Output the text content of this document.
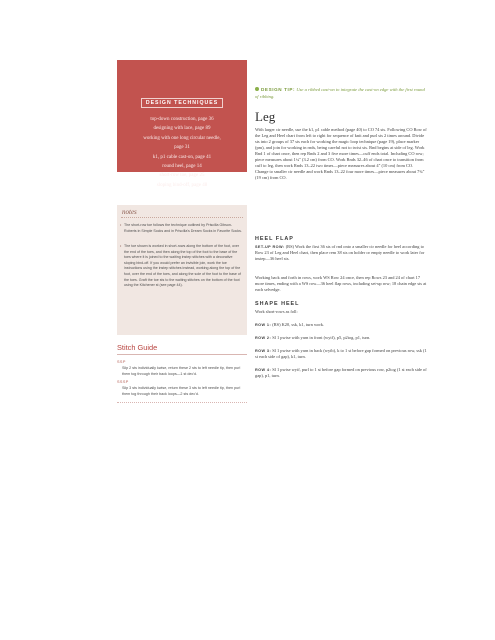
DESIGN TECHNIQUES
top-down construction, page 36
designing with lace, page 89
working with one long circular needle,
page 31
k1, p1 cable cast-on, page 41
round heel, page 14
short-row toe, page 25
sloping bind-off, page 48
notes
• The short-row toe follows the technique outlined by Priscilla Gibson-Roberts in Simple Socks and in Priscilla's Dream Socks in Favorite Socks.
• The toe shown is worked in short-rows along the bottom of the foot, over the end of the toes, and then along the top of the foot to the base of the toes where it is joined to the waiting instep stitches with a decorative sloping bind-off. If you would prefer an invisible join, work the toe instructions using the instep stitches instead, working along the top of the foot, over the end of the toes, and along the sole of the foot to the base of the toes. Graft the toe sts to the waiting stitches on the bottom of the foot using the Kitchener st (see page 44).
Stitch Guide
SSP
Slip 2 sts individually kwise, return these 2 sts to left needle tip, then purl them tog through their back loops—1 st dec'd.
SSSP
Slip 3 sts individually kwise, return these 3 sts to left needle tip, then purl them tog through their back loops—2 sts dec'd.
DESIGN TIP: Use a ribbed cast-on to integrate the cast-on edge with the first round of ribbing.
Leg
With larger cir needle, use the k1, p1 cable method (page 40) to CO 74 sts. Following CO Row of the Leg and Heel chart from left to right for sequence of knit and purl sts 2 times around. Divide sts into 2 groups of 37 sts each for working the magic loop technique (page 19), place marker (pm), and join for working in rnds, being careful not to twist sts. Rnd begins at side of leg. Work Rnd 1 of chart once, then rep Rnds 2 and 3 five more times—cuff ends total. Including CO row; piece measures about 1¼" (3.2 cm) from CO. Work Rnds 32–46 of chart once to transition from cuff to leg, then work Rnds 13–22 two times—piece measures about 4" (10 cm) from CO. Change to smaller cir needle and work Rnds 13–22 four more times—piece measures about 7¾" (19 cm) from CO.
HEEL FLAP
SET-UP ROW: (RS) Work the first 36 sts of rnd onto a smaller cir needle for heel according to Row 23 of Leg and Heel chart, then place rem 38 sts on holder or empty needle to work later for instep—36 heel sts.
Working back and forth in rows, work WS Row 24 once, then rep Rows 23 and 24 of chart 17 more times, ending with a WS row—36 heel flap rows, including set-up row; 18 chain edge sts at each selvedge.
SHAPE HEEL
Work short-rows as foll:
ROW 1: (RS) K20, ssk, k1, turn work.
ROW 2: Sl 1 pwise with yarn in front (wyif), p5, p2tog, p1, turn.
ROW 3: Sl 1 pwise with yarn in back (wyib), k to 1 st before gap formed on previous row, ssk (1 st each side of gap), k1, turn.
ROW 4: Sl 1 pwise wyif, purl to 1 st before gap formed on previous row, p2tog (1 st each side of gap), p1, turn.
